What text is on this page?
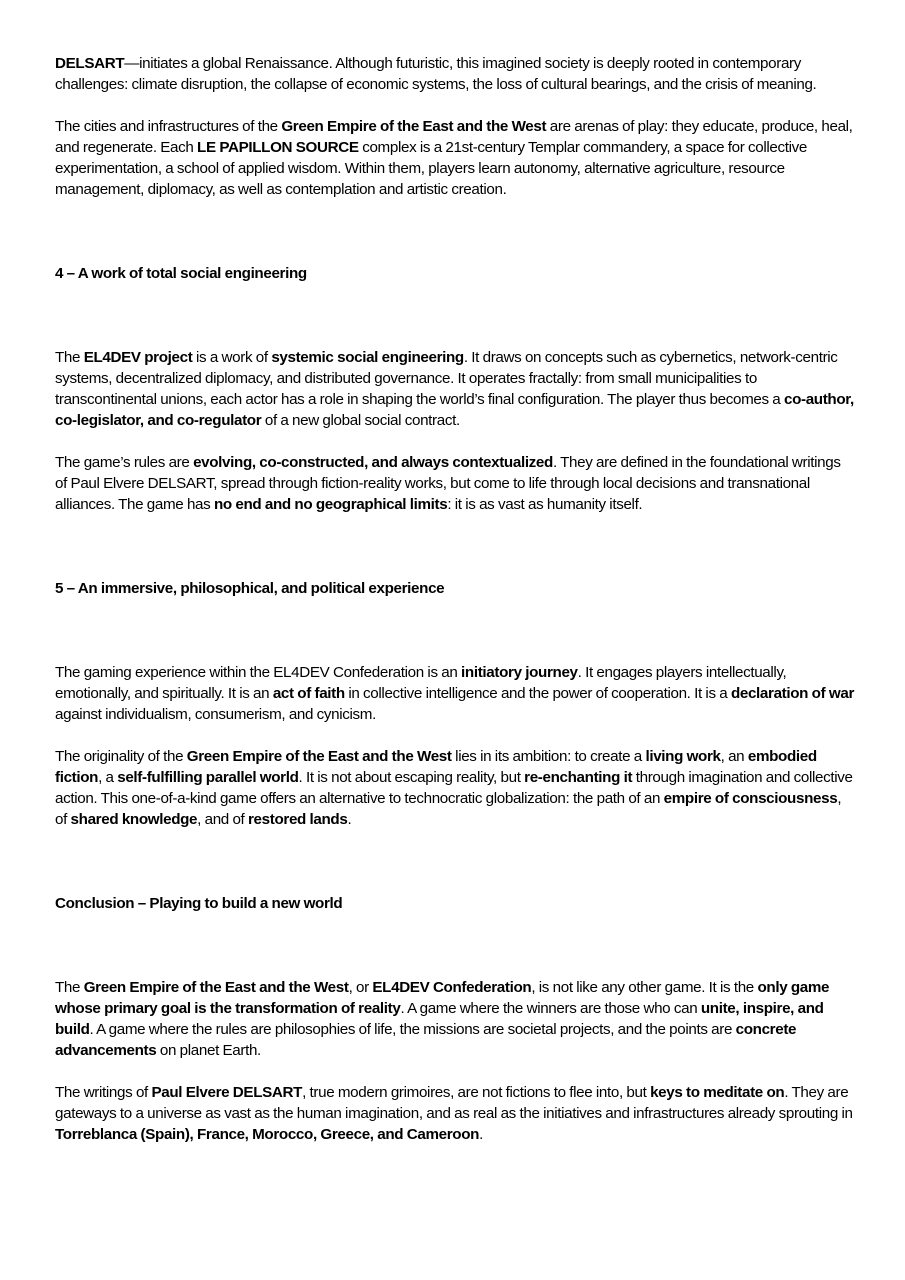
DELSART—initiates a global Renaissance. Although futuristic, this imagined society is deeply rooted in contemporary challenges: climate disruption, the collapse of economic systems, the loss of cultural bearings, and the crisis of meaning.

The cities and infrastructures of the Green Empire of the East and the West are arenas of play: they educate, produce, heal, and regenerate. Each LE PAPILLON SOURCE complex is a 21st-century Templar commandery, a space for collective experimentation, a school of applied wisdom. Within them, players learn autonomy, alternative agriculture, resource management, diplomacy, as well as contemplation and artistic creation.

4 – A work of total social engineering

The EL4DEV project is a work of systemic social engineering. It draws on concepts such as cybernetics, network-centric systems, decentralized diplomacy, and distributed governance. It operates fractally: from small municipalities to transcontinental unions, each actor has a role in shaping the world’s final configuration. The player thus becomes a co-author, co-legislator, and co-regulator of a new global social contract.

The game’s rules are evolving, co-constructed, and always contextualized. They are defined in the foundational writings of Paul Elvere DELSART, spread through fiction-reality works, but come to life through local decisions and transnational alliances. The game has no end and no geographical limits: it is as vast as humanity itself.

5 – An immersive, philosophical, and political experience

The gaming experience within the EL4DEV Confederation is an initiatory journey. It engages players intellectually, emotionally, and spiritually. It is an act of faith in collective intelligence and the power of cooperation. It is a declaration of war against individualism, consumerism, and cynicism.

The originality of the Green Empire of the East and the West lies in its ambition: to create a living work, an embodied fiction, a self-fulfilling parallel world. It is not about escaping reality, but re-enchanting it through imagination and collective action. This one-of-a-kind game offers an alternative to technocratic globalization: the path of an empire of consciousness, of shared knowledge, and of restored lands.

Conclusion – Playing to build a new world

The Green Empire of the East and the West, or EL4DEV Confederation, is not like any other game. It is the only game whose primary goal is the transformation of reality. A game where the winners are those who can unite, inspire, and build. A game where the rules are philosophies of life, the missions are societal projects, and the points are concrete advancements on planet Earth.

The writings of Paul Elvere DELSART, true modern grimoires, are not fictions to flee into, but keys to meditate on. They are gateways to a universe as vast as the human imagination, and as real as the initiatives and infrastructures already sprouting in Torreblanca (Spain), France, Morocco, Greece, and Cameroon.
